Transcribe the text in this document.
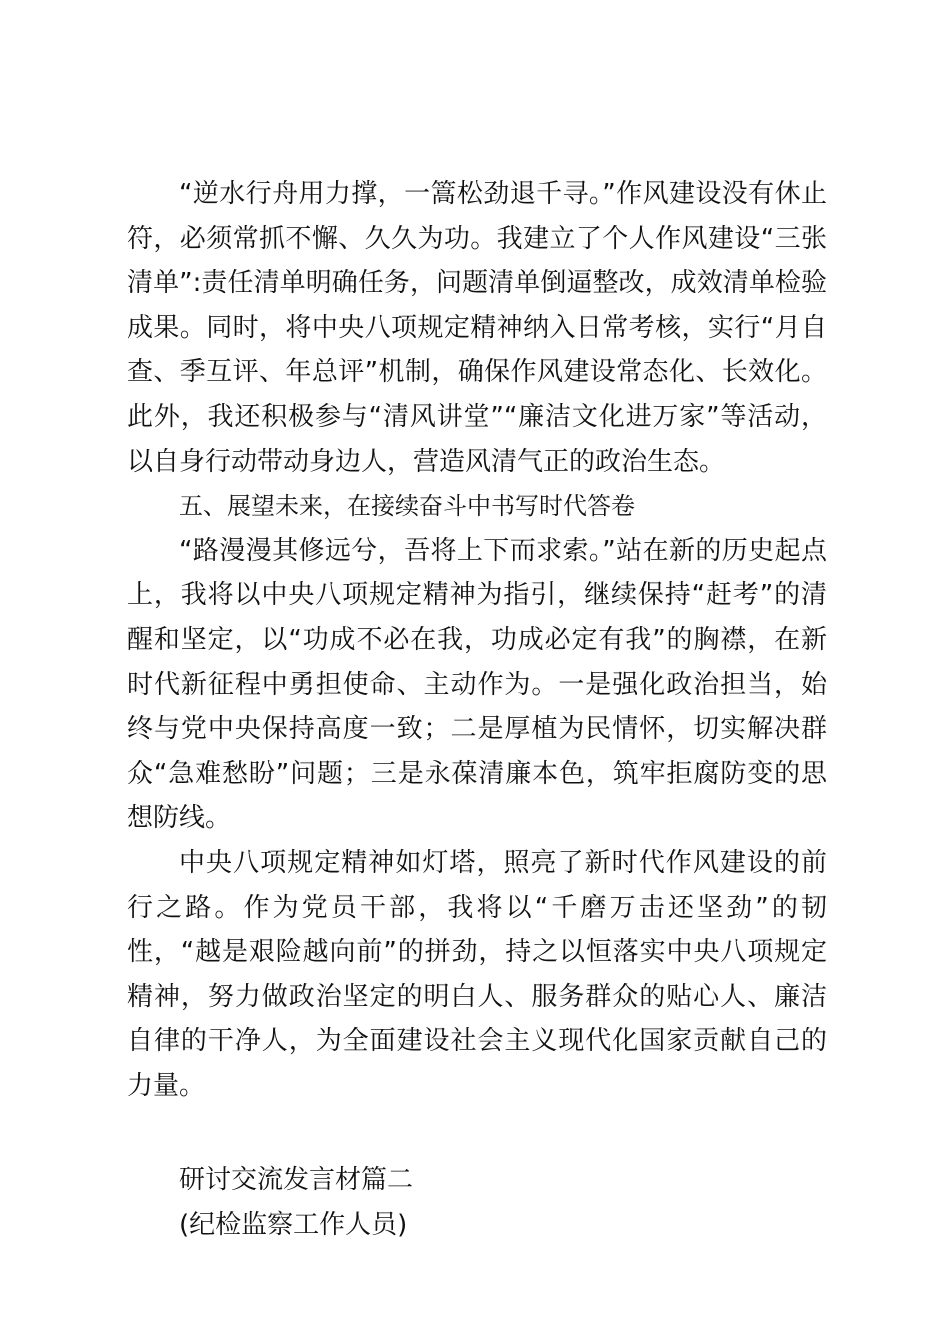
“逆水行舟用力撑，一篙松劲退千寻。”作风建设没有休止符，必须常抓不懈、久久为功。我建立了个人作风建设“三张清单”:责任清单明确任务，问题清单倒逼整改，成效清单检验成果。同时，将中央八项规定精神纳入日常考核，实行“月自查、季互评、年总评”机制，确保作风建设常态化、长效化。此外，我还积极参与“清风讲堂”“廉洁文化进万家”等活动，以自身行动带动身边人，营造风清气正的政治生态。

五、展望未来，在接续奋斗中书写时代答卷

“路漫漫其修远兮，吾将上下而求索。”站在新的历史起点上，我将以中央八项规定精神为指引，继续保持“赶考”的清醒和坚定，以“功成不必在我，功成必定有我”的胸襟，在新时代新征程中勇担使命、主动作为。一是强化政治担当，始终与党中央保持高度一致；二是厚植为民情怀，切实解决群众“急难愁盼”问题；三是永葆清廉本色，筑牢拒腐防变的思想防线。

中央八项规定精神如灯塔，照亮了新时代作风建设的前行之路。作为党员干部，我将以“千磨万击还坚劲”的韧性，“越是艰险越向前”的拼劲，持之以恒落实中央八项规定精神，努力做政治坚定的明白人、服务群众的贴心人、廉洁自律的干净人，为全面建设社会主义现代化国家贡献自己的力量。

研讨交流发言材篇二

(纪检监察工作人员)
